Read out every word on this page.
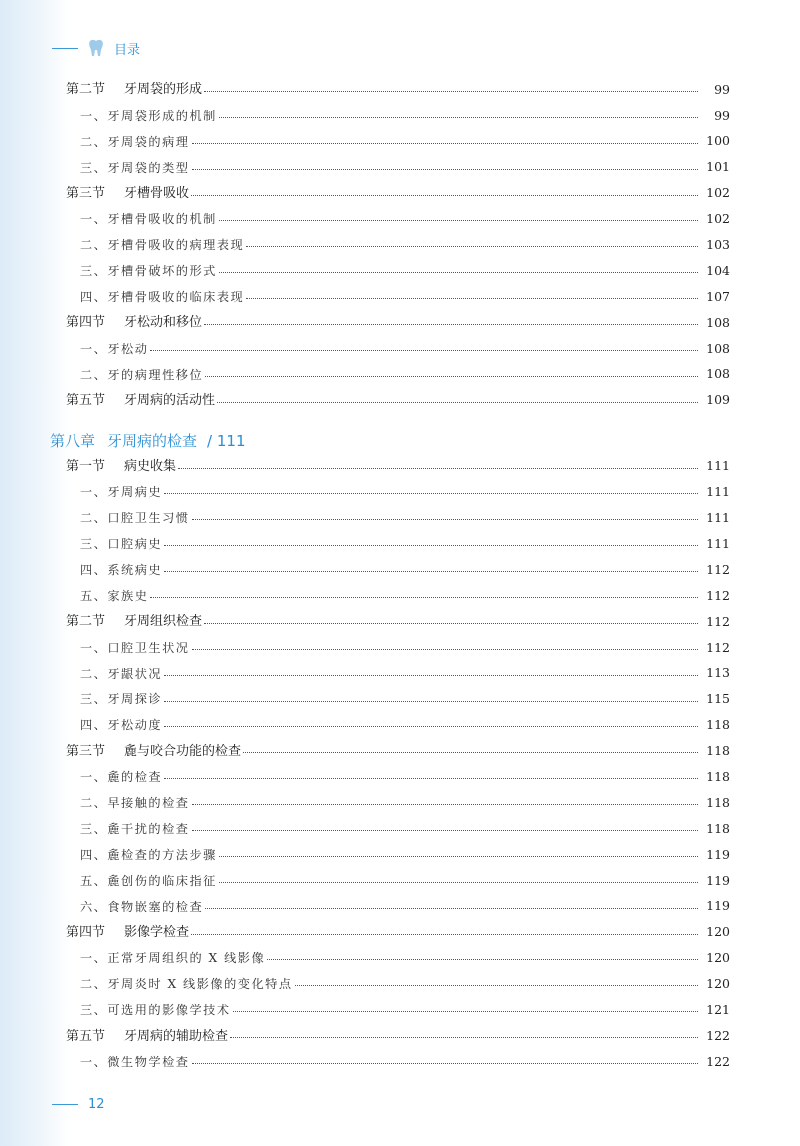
目录
第二节	牙周袋的形成	99
一、牙周袋形成的机制	99
二、牙周袋的病理	100
三、牙周袋的类型	101
第三节	牙槽骨吸收	102
一、牙槽骨吸收的机制	102
二、牙槽骨吸收的病理表现	103
三、牙槽骨破坏的形式	104
四、牙槽骨吸收的临床表现	107
第四节	牙松动和移位	108
一、牙松动	108
二、牙的病理性移位	108
第五节	牙周病的活动性	109
第八章 牙周病的检查 / 111
第一节	病史收集	111
一、牙周病史	111
二、口腔卫生习惯	111
三、口腔病史	111
四、系统病史	112
五、家族史	112
第二节	牙周组织检查	112
一、口腔卫生状况	112
二、牙龈状况	113
三、牙周探诊	115
四、牙松动度	118
第三节	麁与咬合功能的检查	118
一、麁的检查	118
二、早接触的检查	118
三、麁干扰的检查	118
四、麁检查的方法步骤	119
五、麁创伤的临床指征	119
六、食物嵌塞的检查	119
第四节	影像学检查	120
一、正常牙周组织的 X 线影像	120
二、牙周炎时 X 线影像的变化特点	120
三、可选用的影像学技术	121
第五节	牙周病的辅助检查	122
一、微生物学检查	122
12
